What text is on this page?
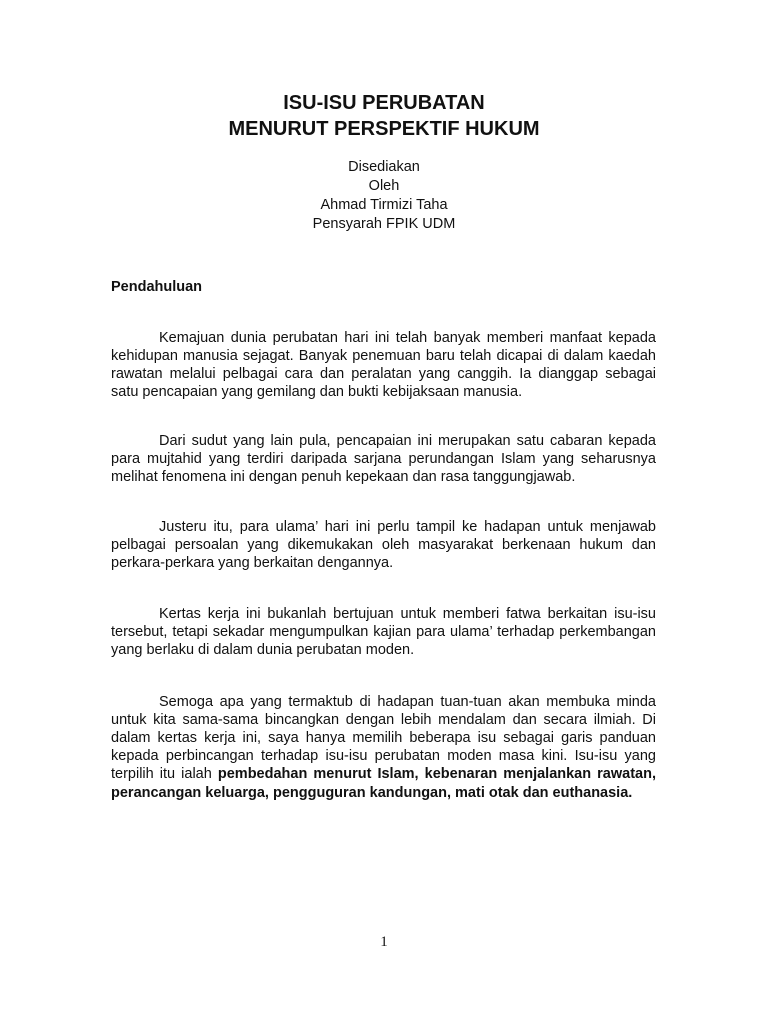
ISU-ISU PERUBATAN
MENURUT PERSPEKTIF HUKUM
Disediakan
Oleh
Ahmad Tirmizi Taha
Pensyarah FPIK UDM
Pendahuluan

Kemajuan dunia perubatan hari ini telah banyak memberi manfaat kepada kehidupan manusia sejagat. Banyak penemuan baru telah dicapai di dalam kaedah rawatan melalui pelbagai cara dan peralatan yang canggih. Ia dianggap sebagai satu pencapaian yang gemilang dan bukti kebijaksaan manusia.

Dari sudut yang lain pula, pencapaian ini merupakan satu cabaran kepada para mujtahid yang terdiri daripada sarjana perundangan Islam yang seharusnya melihat fenomena ini dengan penuh kepekaan dan rasa tanggungjawab.

Justeru itu, para ulama’ hari ini perlu tampil ke hadapan untuk menjawab pelbagai persoalan yang dikemukakan oleh masyarakat berkenaan hukum dan perkara-perkara yang berkaitan dengannya.

Kertas kerja ini bukanlah bertujuan untuk memberi fatwa berkaitan isu-isu tersebut, tetapi sekadar mengumpulkan kajian para ulama’ terhadap perkembangan yang berlaku di dalam dunia perubatan moden.

Semoga apa yang termaktub di hadapan tuan-tuan akan membuka minda untuk kita sama-sama bincangkan dengan lebih mendalam dan secara ilmiah. Di dalam kertas kerja ini, saya hanya memilih beberapa isu sebagai garis panduan kepada perbincangan terhadap isu-isu perubatan moden masa kini. Isu-isu yang terpilih itu ialah pembedahan menurut Islam, kebenaran menjalankan rawatan, perancangan keluarga, pengguguran kandungan, mati otak dan euthanasia.

1
